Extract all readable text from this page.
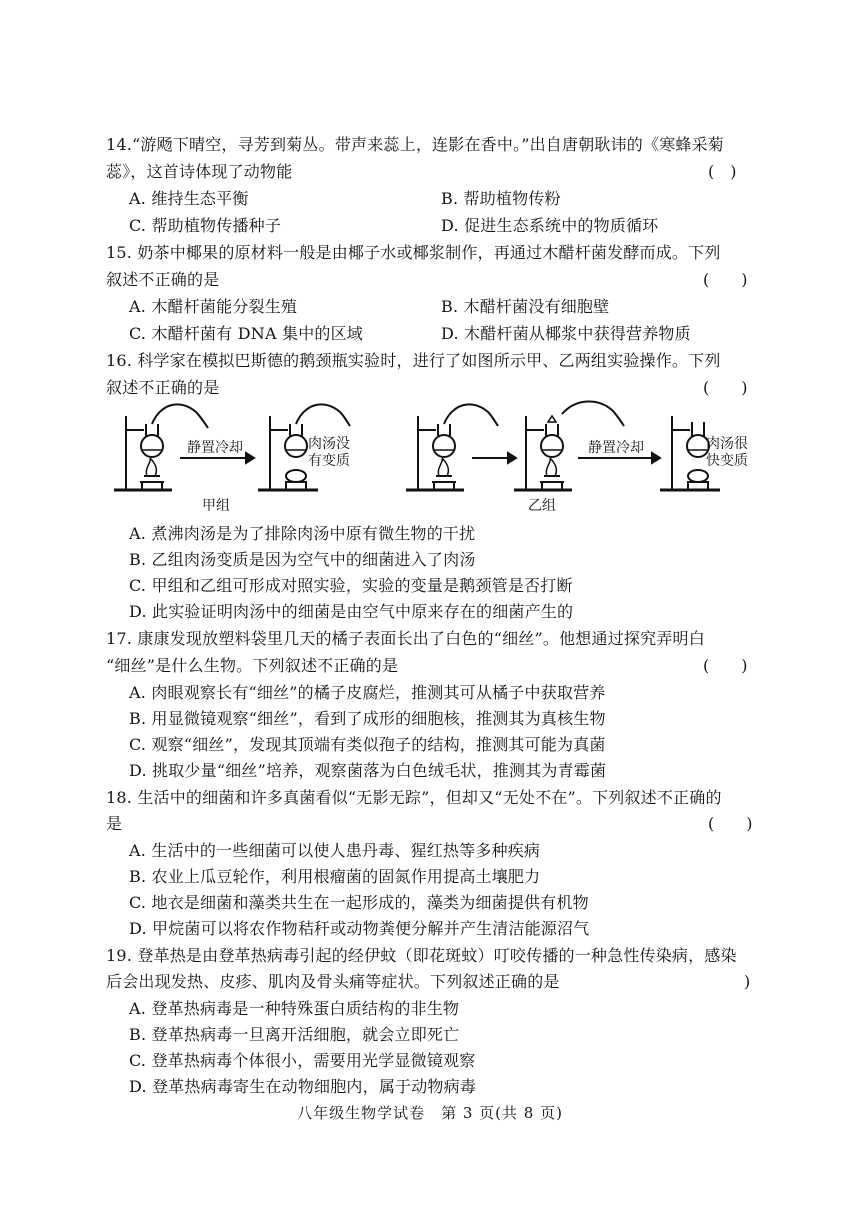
14.“游飏下晴空，寻芳到菊丛。带声来蕊上，连影在香中。”出自唐朝耿讳的《寒蜂采菊
蕊》，这首诗体现了动物能	(　)
A. 维持生态平衡	B. 帮助植物传粉
C. 帮助植物传播种子	D. 促进生态系统中的物质循环
15. 奶茶中椰果的原材料一般是由椰子水或椰浆制作，再通过木醋杆菌发酵而成。下列
叙述不正确的是	(　　)
A. 木醋杆菌能分裂生殖	B. 木醋杆菌没有细胞壁
C. 木醋杆菌有 DNA 集中的区域	D. 木醋杆菌从椰浆中获得营养物质
16. 科学家在模拟巴斯德的鹅颈瓶实验时，进行了如图所示甲、乙两组实验操作。下列
叙述不正确的是	(　　)
静置冷却	肉汤没
有变质
静置冷却	肉汤很
快变质
甲组	乙组
A. 煮沸肉汤是为了排除肉汤中原有微生物的干扰
B. 乙组肉汤变质是因为空气中的细菌进入了肉汤
C. 甲组和乙组可形成对照实验，实验的变量是鹅颈管是否打断
D. 此实验证明肉汤中的细菌是由空气中原来存在的细菌产生的
17. 康康发现放塑料袋里几天的橘子表面长出了白色的“细丝”。他想通过探究弄明白
“细丝”是什么生物。下列叙述不正确的是	(　　)
A. 肉眼观察长有“细丝”的橘子皮腐烂，推测其可从橘子中获取营养
B. 用显微镜观察“细丝”，看到了成形的细胞核，推测其为真核生物
C. 观察“细丝”，发现其顶端有类似孢子的结构，推测其可能为真菌
D. 挑取少量“细丝”培养，观察菌落为白色绒毛状，推测其为青霉菌
18. 生活中的细菌和许多真菌看似“无影无踪”，但却又“无处不在”。下列叙述不正确的
是	(　　)
A. 生活中的一些细菌可以使人患丹毒、猩红热等多种疾病
B. 农业上瓜豆轮作，利用根瘤菌的固氮作用提高土壤肥力
C. 地衣是细菌和藻类共生在一起形成的，藻类为细菌提供有机物
D. 甲烷菌可以将农作物秸秆或动物粪便分解并产生清洁能源沼气
19. 登革热是由登革热病毒引起的经伊蚊（即花斑蚊）叮咬传播的一种急性传染病，感染
后会出现发热、皮疹、肌肉及骨头痛等症状。下列叙述正确的是	)
A. 登革热病毒是一种特殊蛋白质结构的非生物
B. 登革热病毒一旦离开活细胞，就会立即死亡
C. 登革热病毒个体很小，需要用光学显微镜观察
D. 登革热病毒寄生在动物细胞内，属于动物病毒
八年级生物学试卷　第 3 页(共 8 页)
